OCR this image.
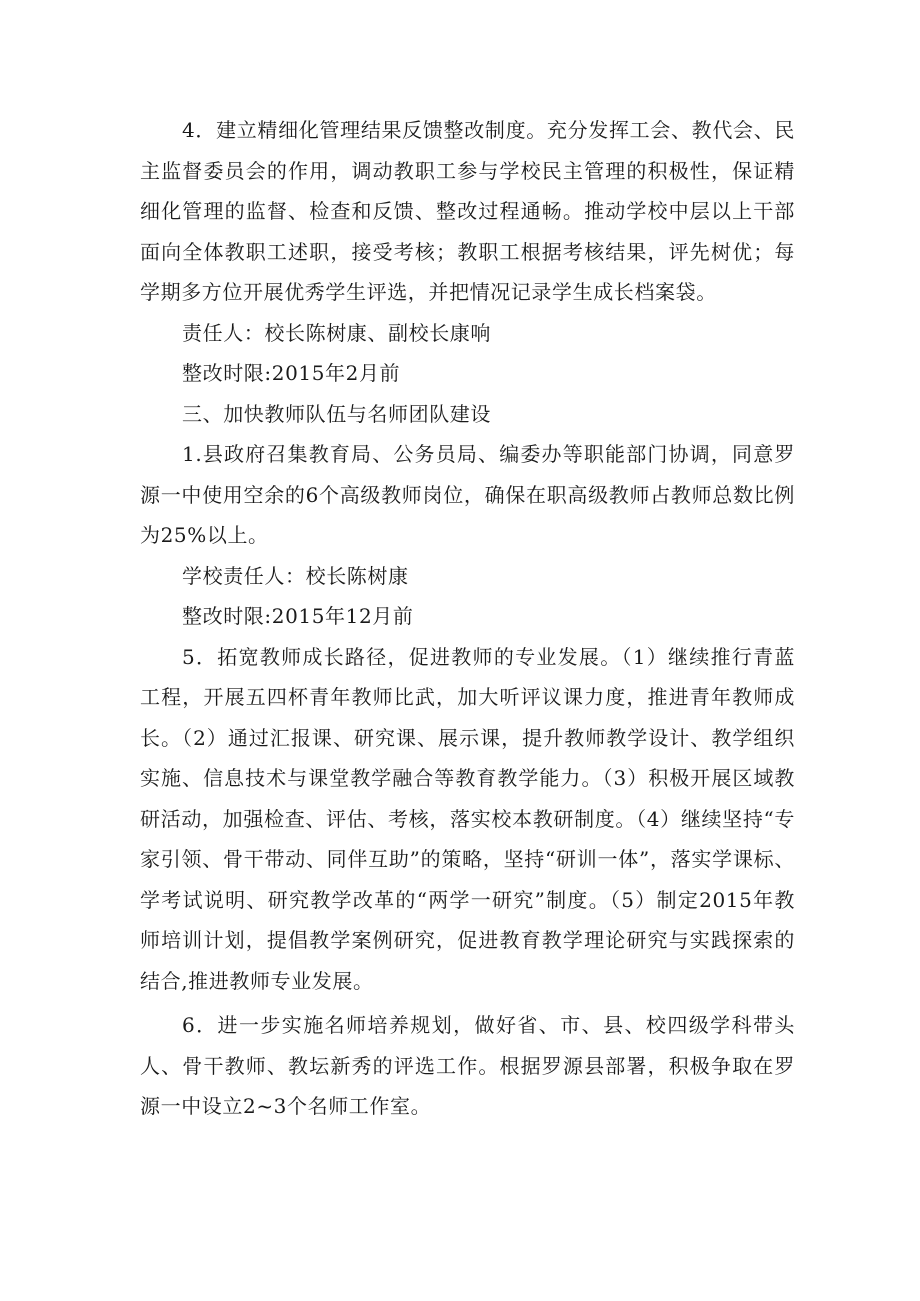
4．建立精细化管理结果反馈整改制度。充分发挥工会、教代会、民主监督委员会的作用，调动教职工参与学校民主管理的积极性，保证精细化管理的监督、检查和反馈、整改过程通畅。推动学校中层以上干部面向全体教职工述职，接受考核；教职工根据考核结果，评先树优；每学期多方位开展优秀学生评选，并把情况记录学生成长档案袋。

责任人：校长陈树康、副校长康响

整改时限:2015年2月前

三、加快教师队伍与名师团队建设

1.县政府召集教育局、公务员局、编委办等职能部门协调，同意罗源一中使用空余的6个高级教师岗位，确保在职高级教师占教师总数比例为25%以上。

学校责任人：校长陈树康

整改时限:2015年12月前

5．拓宽教师成长路径，促进教师的专业发展。（1）继续推行青蓝工程，开展五四杯青年教师比武，加大听评议课力度，推进青年教师成长。（2）通过汇报课、研究课、展示课，提升教师教学设计、教学组织实施、信息技术与课堂教学融合等教育教学能力。（3）积极开展区域教研活动，加强检查、评估、考核，落实校本教研制度。（4）继续坚持“专家引领、骨干带动、同伴互助”的策略，坚持“研训一体”，落实学课标、学考试说明、研究教学改革的“两学一研究”制度。（5）制定2015年教师培训计划，提倡教学案例研究，促进教育教学理论研究与实践探索的结合,推进教师专业发展。

6．进一步实施名师培养规划，做好省、市、县、校四级学科带头人、骨干教师、教坛新秀的评选工作。根据罗源县部署，积极争取在罗源一中设立2~3个名师工作室。
